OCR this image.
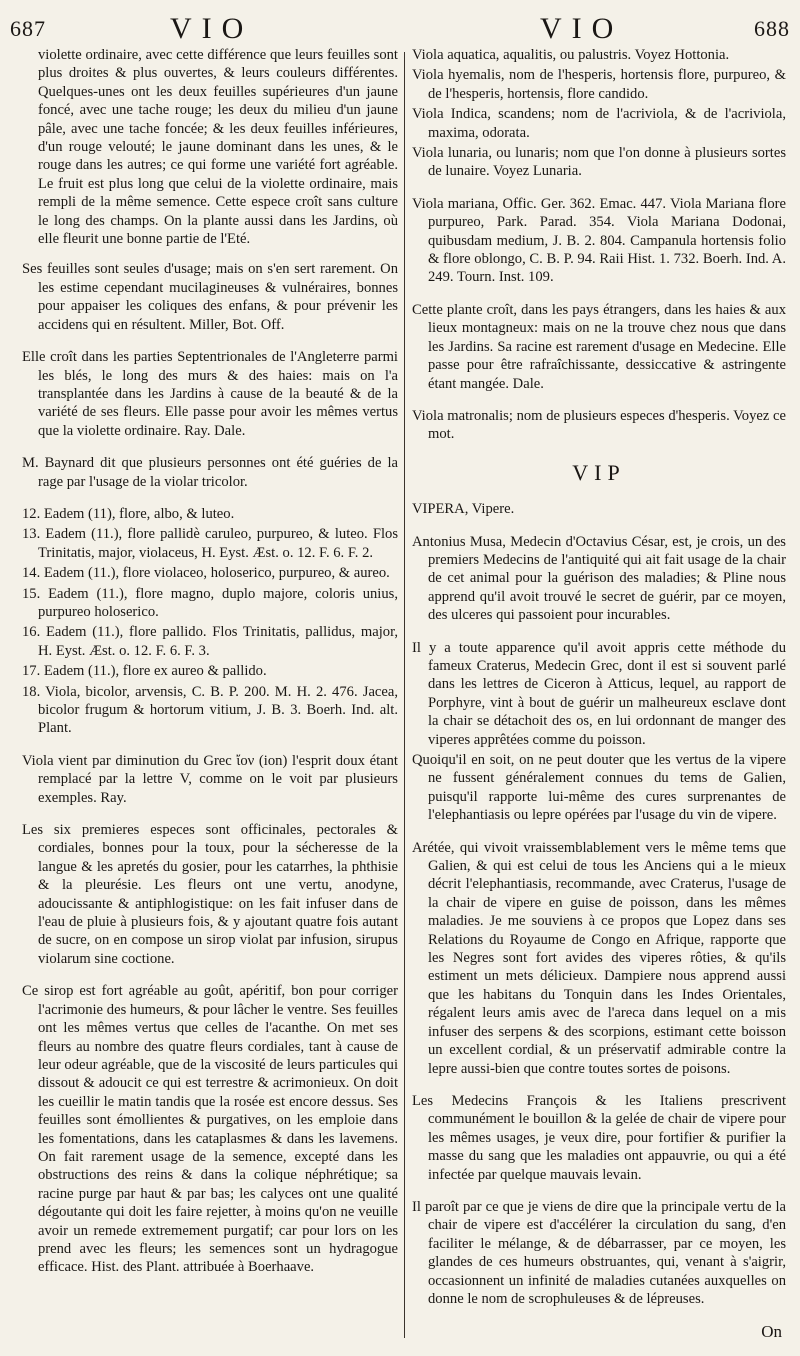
687	VIO	VIO	688

violette ordinaire, avec cette différence que leurs feuilles sont plus droites & plus ouvertes, & leurs couleurs différentes. Quelques-unes ont les deux feuilles supérieures d'un jaune foncé, avec une tache rouge; les deux du milieu d'un jaune pâle, avec une tache foncée; & les deux feuilles inférieures, d'un rouge velouté; le jaune dominant dans les unes, & le rouge dans les autres; ce qui forme une variété fort agréable. Le fruit est plus long que celui de la violette ordinaire, mais rempli de la même semence. Cette espece croît sans culture le long des champs. On la plante aussi dans les Jardins, où elle fleurit une bonne partie de l'Eté.

Ses feuilles sont seules d'usage; mais on s'en sert rarement. On les estime cependant mucilagineuses & vulnéraires, bonnes pour appaiser les coliques des enfans, & pour prévenir les accidens qui en résultent. Miller, Bot. Off.

Elle croît dans les parties Septentrionales de l'Angleterre parmi les blés, le long des murs & des haies: mais on l'a transplantée dans les Jardins à cause de la beauté & de la variété de ses fleurs. Elle passe pour avoir les mêmes vertus que la violette ordinaire. Ray. Dale.

M. Baynard dit que plusieurs personnes ont été guéries de la rage par l'usage de la violar tricolor.

12. Eadem (11), flore, albo, & luteo.

13. Eadem (11.), flore pallidè caruleo, purpureo, & luteo. Flos Trinitatis, major, violaceus, H. Eyst. Æst. o. 12. F. 6. F. 2.

14. Eadem (11.), flore violaceo, holoserico, purpureo, & aureo.

15. Eadem (11.), flore magno, duplo majore, coloris unius, purpureo holoserico.

16. Eadem (11.), flore pallido. Flos Trinitatis, pallidus, major, H. Eyst. Æst. o. 12. F. 6. F. 3.

17. Eadem (11.), flore ex aureo & pallido.

18. Viola, bicolor, arvensis, C. B. P. 200. M. H. 2. 476. Jacea, bicolor frugum & hortorum vitium, J. B. 3. Boerh. Ind. alt. Plant.

Viola vient par diminution du Grec ἴον (ion) l'esprit doux étant remplacé par la lettre V, comme on le voit par plusieurs exemples. Ray.

Les six premieres especes sont officinales, pectorales & cordiales, bonnes pour la toux, pour la sécheresse de la langue & les apretés du gosier, pour les catarrhes, la phthisie & la pleurésie. Les fleurs ont une vertu, anodyne, adoucissante & antiphlogistique: on les fait infuser dans de l'eau de pluie à plusieurs fois, & y ajoutant quatre fois autant de sucre, on en compose un sirop violat par infusion, sirupus violarum sine coctione.

Ce sirop est fort agréable au goût, apéritif, bon pour corriger l'acrimonie des humeurs, & pour lâcher le ventre. Ses feuilles ont les mêmes vertus que celles de l'acanthe. On met ses fleurs au nombre des quatre fleurs cordiales, tant à cause de leur odeur agréable, que de la viscosité de leurs particules qui dissout & adoucit ce qui est terrestre & acrimonieux. On doit les cueillir le matin tandis que la rosée est encore dessus. Ses feuilles sont émollientes & purgatives, on les emploie dans les fomentations, dans les cataplasmes & dans les lavemens. On fait rarement usage de la semence, excepté dans les obstructions des reins & dans la colique néphrétique; sa racine purge par haut & par bas; les calyces ont une qualité dégoutante qui doit les faire rejetter, à moins qu'on ne veuille avoir un remede extremement purgatif; car pour lors on les prend avec les fleurs; les semences sont un hydragogue efficace. Hist. des Plant. attribuée à Boerhaave.

Viola aquatica, aqualitis, ou palustris. Voyez Hottonia.

Viola hyemalis, nom de l'hesperis, hortensis flore, purpureo, & de l'hesperis, hortensis, flore candido.

Viola Indica, scandens; nom de l'acriviola, & de l'acriviola, maxima, odorata.

Viola lunaria, ou lunaris; nom que l'on donne à plusieurs sortes de lunaire. Voyez Lunaria.

Viola mariana, Offic. Ger. 362. Emac. 447. Viola Mariana flore purpureo, Park. Parad. 354. Viola Mariana Dodonai, quibusdam medium, J. B. 2. 804. Campanula hortensis folio & flore oblongo, C. B. P. 94. Raii Hist. 1. 732. Boerh. Ind. A. 249. Tourn. Inst. 109.

Cette plante croît, dans les pays étrangers, dans les haies & aux lieux montagneux: mais on ne la trouve chez nous que dans les Jardins. Sa racine est rarement d'usage en Medecine. Elle passe pour être rafraîchissante, dessiccative & astringente étant mangée. Dale.

Viola matronalis; nom de plusieurs especes d'hesperis. Voyez ce mot.

VIP

VIPERA, Vipere.

Antonius Musa, Medecin d'Octavius César, est, je crois, un des premiers Medecins de l'antiquité qui ait fait usage de la chair de cet animal pour la guérison des maladies; & Pline nous apprend qu'il avoit trouvé le secret de guérir, par ce moyen, des ulceres qui passoient pour incurables.

Il y a toute apparence qu'il avoit appris cette méthode du fameux Craterus, Medecin Grec, dont il est si souvent parlé dans les lettres de Ciceron à Atticus, lequel, au rapport de Porphyre, vint à bout de guérir un malheureux esclave dont la chair se détachoit des os, en lui ordonnant de manger des viperes apprêtées comme du poisson.

Quoiqu'il en soit, on ne peut douter que les vertus de la vipere ne fussent généralement connues du tems de Galien, puisqu'il rapporte lui-même des cures surprenantes de l'elephantiasis ou lepre opérées par l'usage du vin de vipere.

Arétée, qui vivoit vraissemblablement vers le même tems que Galien, & qui est celui de tous les Anciens qui a le mieux décrit l'elephantiasis, recommande, avec Craterus, l'usage de la chair de vipere en guise de poisson, dans les mêmes maladies. Je me souviens à ce propos que Lopez dans ses Relations du Royaume de Congo en Afrique, rapporte que les Negres sont fort avides des viperes rôties, & qu'ils estiment un mets délicieux. Dampiere nous apprend aussi que les habitans du Tonquin dans les Indes Orientales, régalent leurs amis avec de l'areca dans lequel on a mis infuser des serpens & des scorpions, estimant cette boisson un excellent cordial, & un préservatif admirable contre la lepre aussi-bien que contre toutes sortes de poisons.

Les Medecins François & les Italiens prescrivent communément le bouillon & la gelée de chair de vipere pour les mêmes usages, je veux dire, pour fortifier & purifier la masse du sang que les maladies ont appauvrie, ou qui a été infectée par quelque mauvais levain.

Il paroît par ce que je viens de dire que la principale vertu de la chair de vipere est d'accélérer la circulation du sang, d'en faciliter le mélange, & de débarrasser, par ce moyen, les glandes de ces humeurs obstruantes, qui, venant à s'aigrir, occasionnent un infinité de maladies cutanées auxquelles on donne le nom de scrophuleuses & de lépreuses.

On
